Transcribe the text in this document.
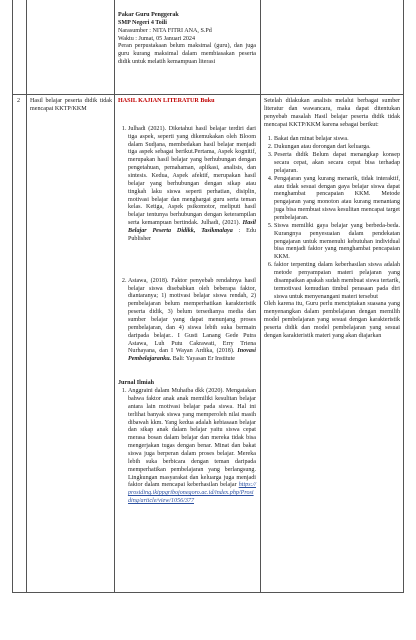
Pakar Guru Penggerak
SMP Negeri 4 Toili
Narasumber : NITA FITRI ANA, S.Pd
Waktu : Jumat, 05 Januari 2024
Peran perpustakaan belum maksimal (guru), dan juga guru kurang maksimal dalam membiasakan peserta didik untuk melatih kemampuan literasi
2	Hasil belajar peserta didik tidak mencapai KKTP/KKM
HASIL KAJIAN LITERATUR Buku
1. Julhadi (2021). Diketahui hasil belajar terdiri dari tiga aspek, seperti yang dikemukakan oleh Bloom dalam Sudjana, membedakan hasil belajar menjadi tiga aspek sebagai berikut.Pertama, Aspek kognitif, merupakan hasil belajar yang berhubungan dengan pengetahuan, pemahaman, aplikasi, analisis, dan sintesis. Kedua, Aspek afektif, merupakan hasil belajar yang berhubungan dengan sikap atau tingkah laku siswa seperti perhatian, disiplin, motivasi belajar dan menghargai guru serta teman kelas. Ketiga, Aspek psikomotor, meliputi hasil belajar tentunya berhubungan dengan keterampilan serta kemampuan bertindak. Julhadi, (2021). Hasil Belajar Peserta Didikk, Tasikmalaya : Edu Publisher
2. Astawa, (2018). Faktor penyebab rendahnya hasil belajar siswa disebabkan oleh beberapa faktor, diantaranya; 1) motivasi belajar siswa rendah, 2) pembelajaran belum memperhatikan karakteristik peserta didik, 3) belum tersedianya media dan sumber belajar yang dapat menunjang proses pembelajaran, dan 4) siswa lebih suka bermain daripada belajar.. I Gusti Lanang Gede Putra Astawa, Luh Putu Cakrawati, Erry Triena Nurhayana, dan I Wayan Ardika, (2018). Inovasi Pembelajaranku. Bali: Yayasan Er Institute
Jurnal Ilmiah
1. Anggraini dalam Muhaiba dkk (2020). Mengatakan bahwa faktor anak anak memiliki kesulitan belajar antara lain motivasi belajar pada siswa. Hal ini terlihat banyak siswa yang memperoleh nilai masih dibawah kkm. Yang kedua adalah kebiasaan belajar dan sikap anak dalam belajar yaitu siswa cepat merasa bosan dalam belajar dan mereka tidak bisa mengerjakan tugas dengan benar. Minat dan bakat siswa juga berperan dalam proses belajar. Mereka lebih suka berbicara dengan teman daripada memperhatikan pembelajaran yang berlangsung. Lingkungan masyarakat dan keluarga juga menjadi faktor dalam mencapai keberhasilan belajar https://prosiding.ikippgribojonegoro.ac.id/index.php/Prosiding/article/view/1056/377
Setelah dilakukan analisis melalui berbagai sumber literatur dan wawancara, maka dapat ditentukan penyebab masalah Hasil belajar peserta didik tidak mencapai KKTP/KKM karena sebagai berikut:
1. Bakat dan minat belajar siswa.
2. Dukungan atau dorongan dari keluarga.
3. Peserta didik Belum dapat menangkap konsep secara cepat, akan secara cepat bisa terhadap pelajaran.
4. Pengajaran yang kurang menarik, tidak interaktif, atau tidak sesuai dengan gaya belajar siswa dapat menghambat pencapaian KKM. Metode pengajaran yang monoton atau kurang menantang juga bisa membuat siswa kesulitan mencapai target pembelajaran.
5. Siswa memiliki gaya belajar yang berbeda-beda. Kurangnya penyesuaian dalam pendekatan pengajaran untuk memenuhi kebutuhan individual bisa menjadi faktor yang menghambat pencapaian KKM.
6. faktor terpenting dalam keberhasilan siswa adalah metode penyampaian materi pelajaran yang disampaikan apakah sudah membuat siswa tertarik, termotivasi kemudian timbul perasaan pada diri siswa untuk menyenangani materi tersebut
Oleh karena itu, Guru perlu menciptakan suasana yang menyenangkan dalam pembelajaran dengan memilih model pembelajaran yang sesuai dengan karakteristik peserta didik dan model pembelajaran yang sesuai dengan karakteristik materi yang akan diajarkan
